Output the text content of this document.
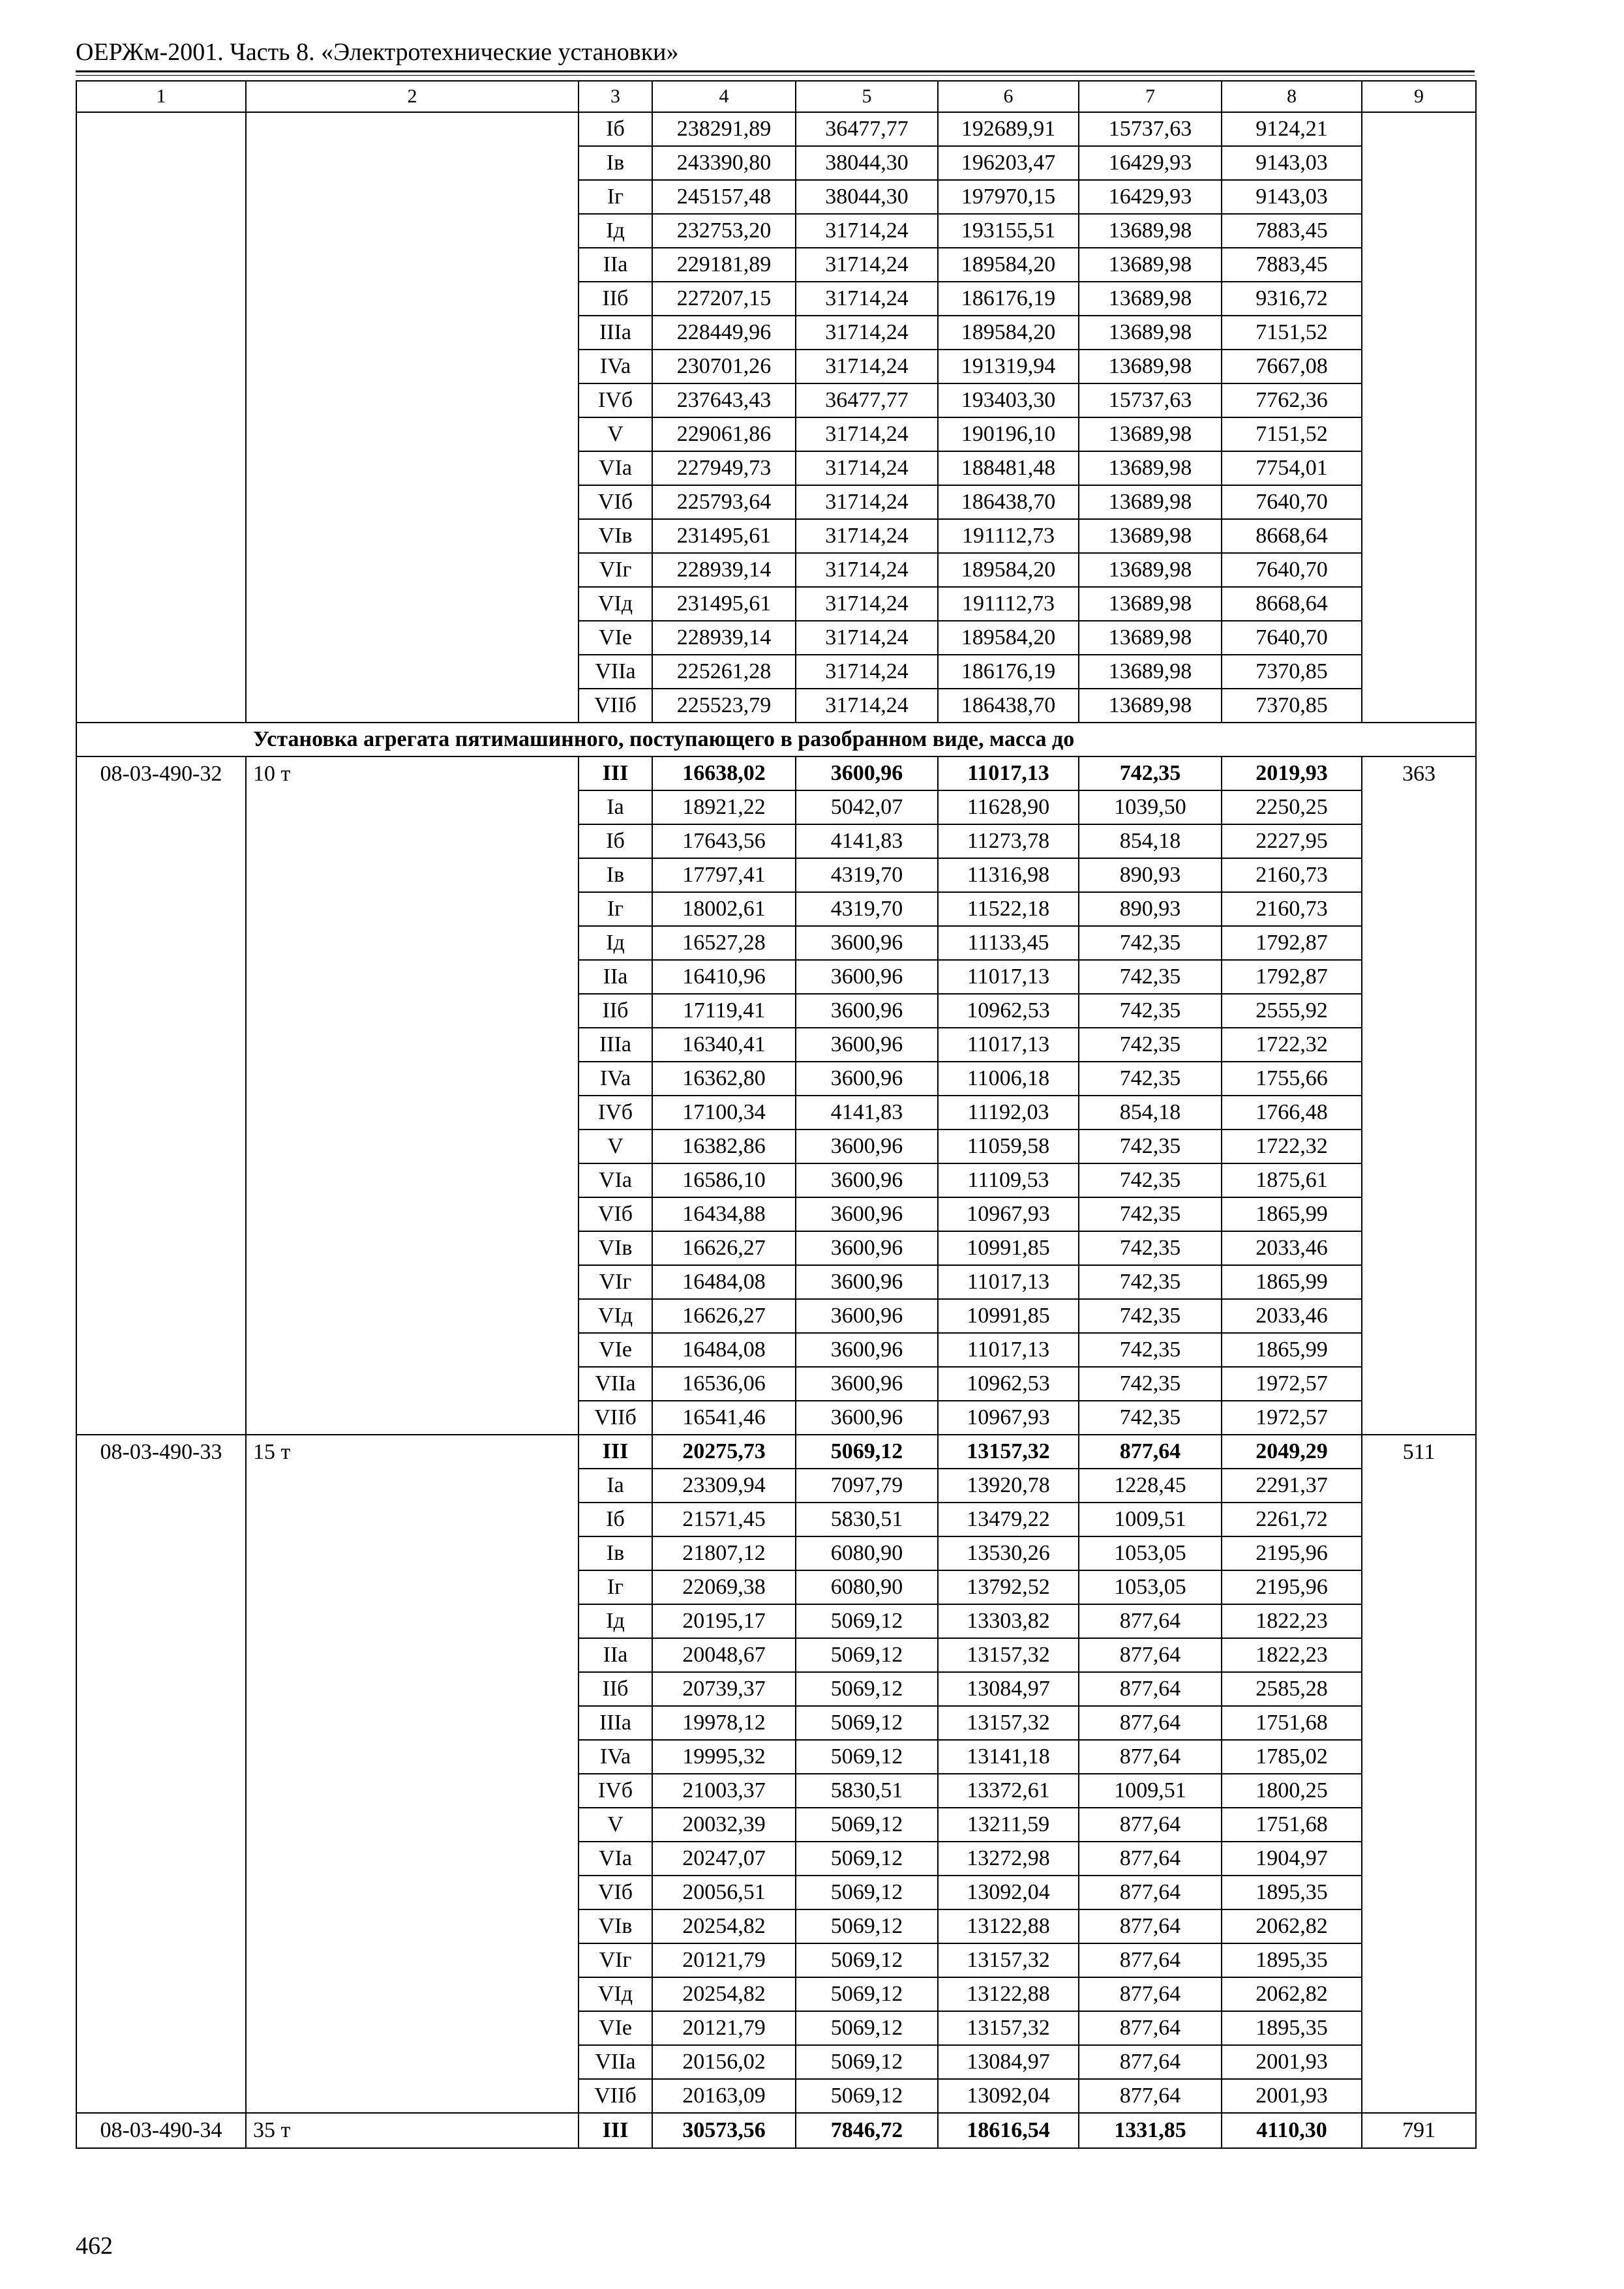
ОЕРЖм-2001. Часть 8. «Электротехнические установки»
1	2	3	4	5	6	7	8	9
		Iб	238291,89	36477,77	192689,91	15737,63	9124,21	
		Iв	243390,80	38044,30	196203,47	16429,93	9143,03	
		Iг	245157,48	38044,30	197970,15	16429,93	9143,03	
		Iд	232753,20	31714,24	193155,51	13689,98	7883,45	
		IIa	229181,89	31714,24	189584,20	13689,98	7883,45	
		IIб	227207,15	31714,24	186176,19	13689,98	9316,72	
		IIIa	228449,96	31714,24	189584,20	13689,98	7151,52	
		IVa	230701,26	31714,24	191319,94	13689,98	7667,08	
		IVб	237643,43	36477,77	193403,30	15737,63	7762,36	
		V	229061,86	31714,24	190196,10	13689,98	7151,52	
		VIa	227949,73	31714,24	188481,48	13689,98	7754,01	
		VIб	225793,64	31714,24	186438,70	13689,98	7640,70	
		VIв	231495,61	31714,24	191112,73	13689,98	8668,64	
		VIг	228939,14	31714,24	189584,20	13689,98	7640,70	
		VIд	231495,61	31714,24	191112,73	13689,98	8668,64	
		VIe	228939,14	31714,24	189584,20	13689,98	7640,70	
		VIIa	225261,28	31714,24	186176,19	13689,98	7370,85	
		VIIб	225523,79	31714,24	186438,70	13689,98	7370,85	
Установка агрегата пятимашинного, поступающего в разобранном виде, масса до								
08-03-490-32	10 т	III	16638,02	3600,96	11017,13	742,35	2019,93	363
		Ia	18921,22	5042,07	11628,90	1039,50	2250,25	
		Iб	17643,56	4141,83	11273,78	854,18	2227,95	
		Iв	17797,41	4319,70	11316,98	890,93	2160,73	
		Iг	18002,61	4319,70	11522,18	890,93	2160,73	
		Iд	16527,28	3600,96	11133,45	742,35	1792,87	
		IIa	16410,96	3600,96	11017,13	742,35	1792,87	
		IIб	17119,41	3600,96	10962,53	742,35	2555,92	
		IIIa	16340,41	3600,96	11017,13	742,35	1722,32	
		IVa	16362,80	3600,96	11006,18	742,35	1755,66	
		IVб	17100,34	4141,83	11192,03	854,18	1766,48	
		V	16382,86	3600,96	11059,58	742,35	1722,32	
		VIa	16586,10	3600,96	11109,53	742,35	1875,61	
		VIб	16434,88	3600,96	10967,93	742,35	1865,99	
		VIв	16626,27	3600,96	10991,85	742,35	2033,46	
		VIг	16484,08	3600,96	11017,13	742,35	1865,99	
		VIд	16626,27	3600,96	10991,85	742,35	2033,46	
		VIe	16484,08	3600,96	11017,13	742,35	1865,99	
		VIIa	16536,06	3600,96	10962,53	742,35	1972,57	
		VIIб	16541,46	3600,96	10967,93	742,35	1972,57	
08-03-490-33	15 т	III	20275,73	5069,12	13157,32	877,64	2049,29	511
		Ia	23309,94	7097,79	13920,78	1228,45	2291,37	
		Iб	21571,45	5830,51	13479,22	1009,51	2261,72	
		Iв	21807,12	6080,90	13530,26	1053,05	2195,96	
		Iг	22069,38	6080,90	13792,52	1053,05	2195,96	
		Iд	20195,17	5069,12	13303,82	877,64	1822,23	
		IIa	20048,67	5069,12	13157,32	877,64	1822,23	
		IIб	20739,37	5069,12	13084,97	877,64	2585,28	
		IIIa	19978,12	5069,12	13157,32	877,64	1751,68	
		IVa	19995,32	5069,12	13141,18	877,64	1785,02	
		IVб	21003,37	5830,51	13372,61	1009,51	1800,25	
		V	20032,39	5069,12	13211,59	877,64	1751,68	
		VIa	20247,07	5069,12	13272,98	877,64	1904,97	
		VIб	20056,51	5069,12	13092,04	877,64	1895,35	
		VIв	20254,82	5069,12	13122,88	877,64	2062,82	
		VIг	20121,79	5069,12	13157,32	877,64	1895,35	
		VIд	20254,82	5069,12	13122,88	877,64	2062,82	
		VIe	20121,79	5069,12	13157,32	877,64	1895,35	
		VIIa	20156,02	5069,12	13084,97	877,64	2001,93	
		VIIб	20163,09	5069,12	13092,04	877,64	2001,93	
08-03-490-34	35 т	III	30573,56	7846,72	18616,54	1331,85	4110,30	791
462
